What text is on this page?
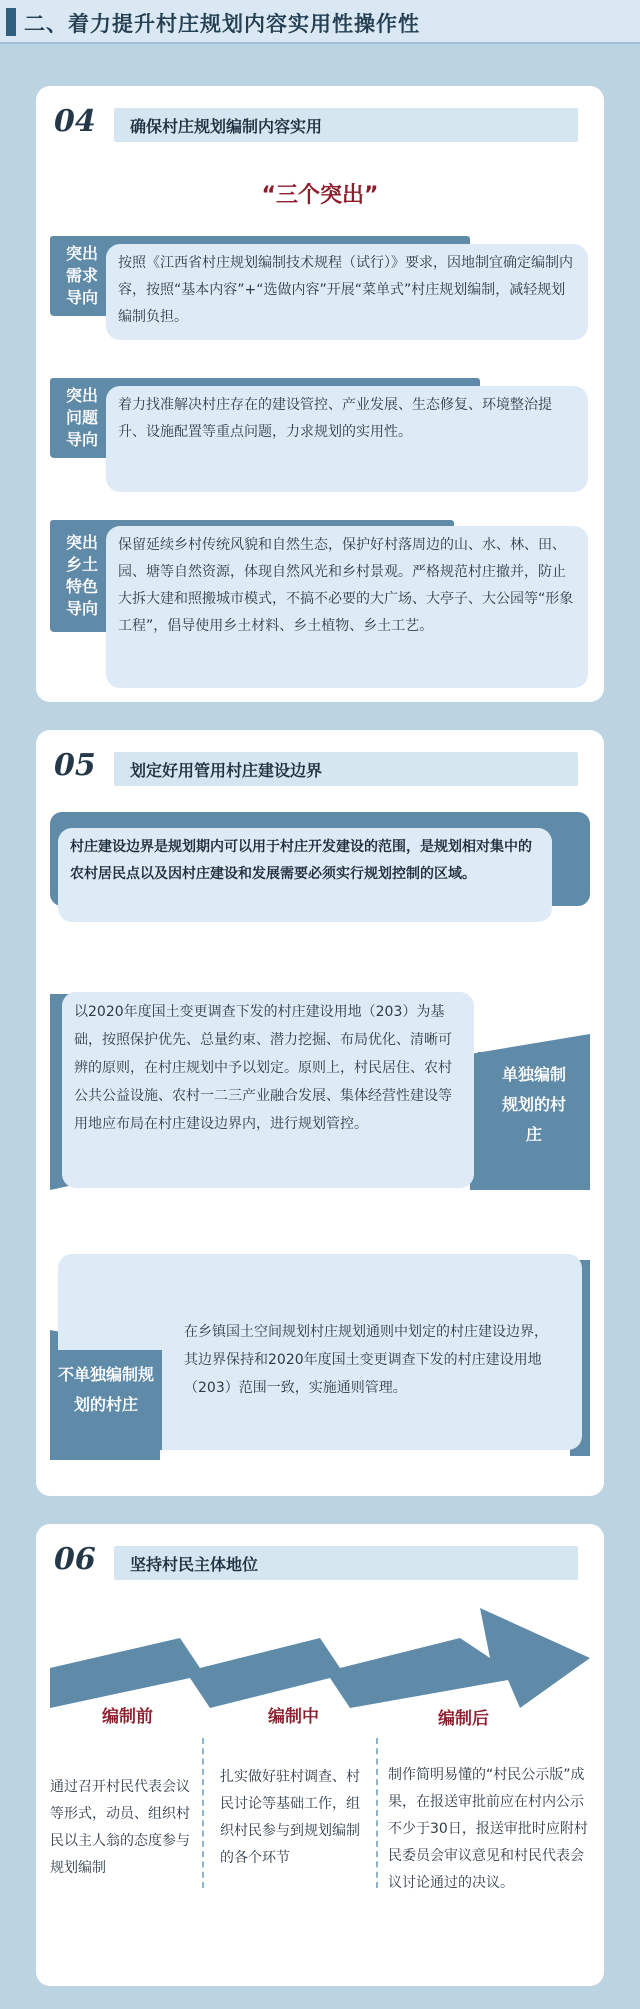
二、着力提升村庄规划内容实用性操作性
04 确保村庄规划编制内容实用
“三个突出”
突出需求导向
按照《江西省村庄规划编制技术规程（试行）》要求，因地制宜确定编制内容，按照“基本内容”+“选做内容”开展“菜单式”村庄规划编制，减轻规划编制负担。
突出问题导向
着力找准解决村庄存在的建设管控、产业发展、生态修复、环境整治提升、设施配置等重点问题，力求规划的实用性。
突出乡土特色导向
保留延续乡村传统风貌和自然生态，保护好村落周边的山、水、林、田、园、塘等自然资源，体现自然风光和乡村景观。严格规范村庄撤并，防止大拆大建和照搬城市模式，不搞不必要的大广场、大亭子、大公园等“形象工程”，倡导使用乡土材料、乡土植物、乡土工艺。
05 划定好用管用村庄建设边界
村庄建设边界是规划期内可以用于村庄开发建设的范围，是规划相对集中的农村居民点以及因村庄建设和发展需要必须实行规划控制的区域。
以2020年度国土变更调查下发的村庄建设用地（203）为基础，按照保护优先、总量约束、潜力挖掘、布局优化、清晰可辨的原则，在村庄规划中予以划定。原则上，村民居住、农村公共公益设施、农村一二三产业融合发展、集体经营性建设等用地应布局在村庄建设边界内，进行规划管控。
单独编制规划的村庄
不单独编制规划的村庄
在乡镇国土空间规划村庄规划通则中划定的村庄建设边界，其边界保持和2020年度国土变更调查下发的村庄建设用地（203）范围一致，实施通则管理。
06 坚持村民主体地位
编制前	编制中	编制后
通过召开村民代表会议等形式，动员、组织村民以主人翁的态度参与规划编制
扎实做好驻村调查、村民讨论等基础工作，组织村民参与到规划编制的各个环节
制作简明易懂的“村民公示版”成果，在报送审批前应在村内公示不少于30日，报送审批时应附村民委员会审议意见和村民代表会议讨论通过的决议。
